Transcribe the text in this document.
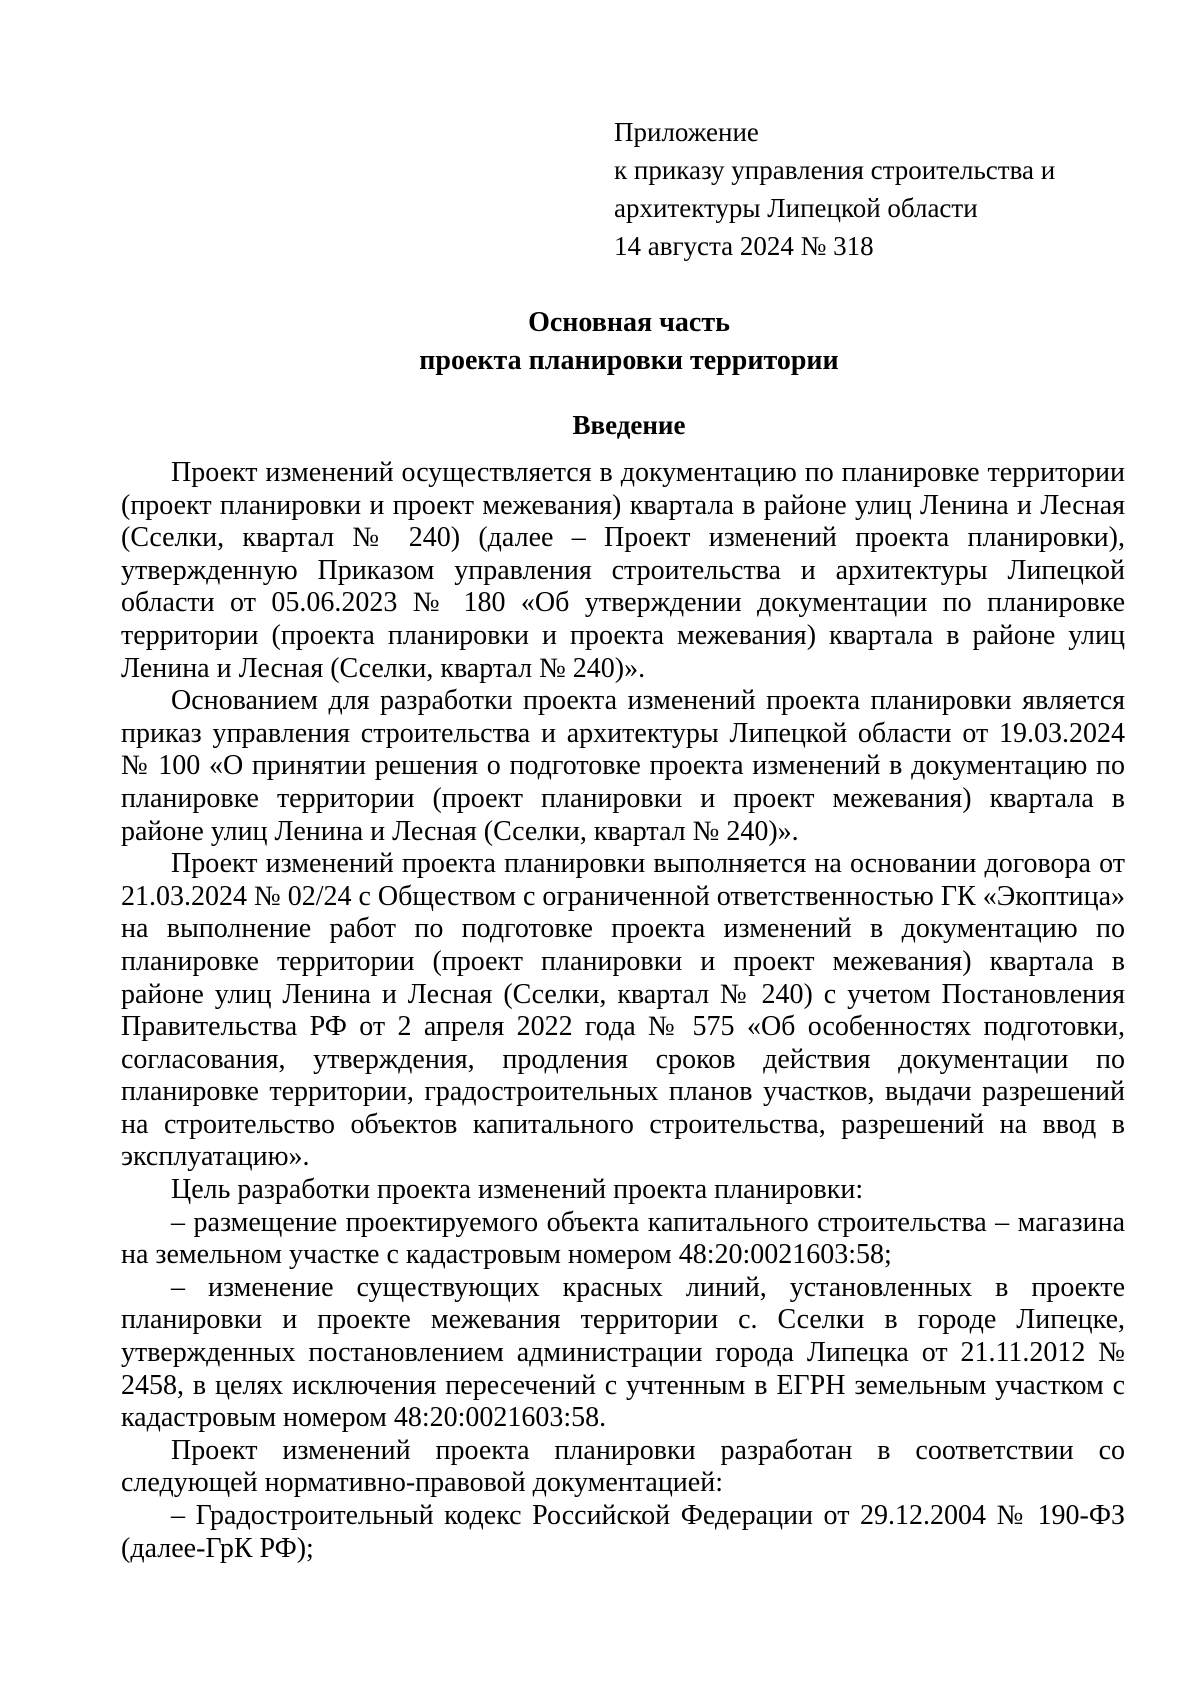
Приложение
к приказу управления строительства и
архитектуры Липецкой области
14 августа 2024 № 318
Основная часть
проекта планировки территории
Введение

Проект изменений осуществляется в документацию по планировке территории (проект планировки и проект межевания) квартала в районе улиц Ленина и Лесная (Сселки, квартал № 240) (далее – Проект изменений проекта планировки), утвержденную Приказом управления строительства и архитектуры Липецкой области от 05.06.2023 № 180 «Об утверждении документации по планировке территории (проекта планировки и проекта межевания) квартала в районе улиц Ленина и Лесная (Сселки, квартал № 240)».

Основанием для разработки проекта изменений проекта планировки является приказ управления строительства и архитектуры Липецкой области от 19.03.2024 № 100 «О принятии решения о подготовке проекта изменений в документацию по планировке территории (проект планировки и проект межевания) квартала в районе улиц Ленина и Лесная (Сселки, квартал № 240)».

Проект изменений проекта планировки выполняется на основании договора от 21.03.2024 № 02/24 с Обществом с ограниченной ответственностью ГК «Экоптица» на выполнение работ по подготовке проекта изменений в документацию по планировке территории (проект планировки и проект межевания) квартала в районе улиц Ленина и Лесная (Сселки, квартал № 240) с учетом Постановления Правительства РФ от 2 апреля 2022 года № 575 «Об особенностях подготовки, согласования, утверждения, продления сроков действия документации по планировке территории, градостроительных планов участков, выдачи разрешений на строительство объектов капитального строительства, разрешений на ввод в эксплуатацию».

Цель разработки проекта изменений проекта планировки:

– размещение проектируемого объекта капитального строительства – магазина на земельном участке с кадастровым номером 48:20:0021603:58;

– изменение существующих красных линий, установленных в проекте планировки и проекте межевания территории с. Сселки в городе Липецке, утвержденных постановлением администрации города Липецка от 21.11.2012 № 2458, в целях исключения пересечений с учтенным в ЕГРН земельным участком с кадастровым номером 48:20:0021603:58.

Проект изменений проекта планировки разработан в соответствии со следующей нормативно-правовой документацией:

– Градостроительный кодекс Российской Федерации от 29.12.2004 № 190-ФЗ (далее-ГрК РФ);
